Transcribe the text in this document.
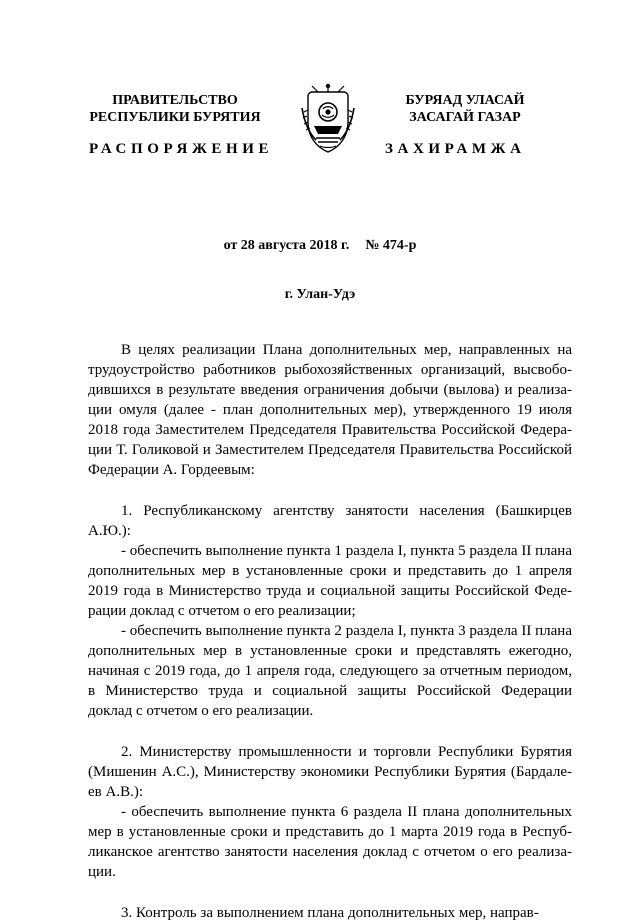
ПРАВИТЕЛЬСТВО
РЕСПУБЛИКИ БУРЯТИЯ
РАСПОРЯЖЕНИЕ
БУРЯАД УЛАСАЙ
ЗАСАГАЙ ГАЗАР
ЗАХИРАМЖА
от 28 августа 2018 г. № 474-р
г. Улан-Удэ

В целях реализации Плана дополнительных мер, направленных на трудоустройство работников рыбохозяйственных организаций, высвободившихся в результате введения ограничения добычи (вылова) и реализации омуля (далее - план дополнительных мер), утвержденного 19 июля 2018 года Заместителем Председателя Правительства Российской Федерации Т. Голиковой и Заместителем Председателя Правительства Российской Федерации А. Гордеевым:

1. Республиканскому агентству занятости населения (Башкирцев А.Ю.):

- обеспечить выполнение пункта 1 раздела I, пункта 5 раздела II плана дополнительных мер в установленные сроки и представить до 1 апреля 2019 года в Министерство труда и социальной защиты Российской Федерации доклад с отчетом о его реализации;

- обеспечить выполнение пункта 2 раздела I, пункта 3 раздела II плана дополнительных мер в установленные сроки и представлять ежегодно, начиная с 2019 года, до 1 апреля года, следующего за отчетным периодом, в Министерство труда и социальной защиты Российской Федерации доклад с отчетом о его реализации.

2. Министерству промышленности и торговли Республики Бурятия (Мишенин А.С.), Министерству экономики Республики Бурятия (Бардалеев А.В.):

- обеспечить выполнение пункта 6 раздела II плана дополнительных мер в установленные сроки и представить до 1 марта 2019 года в Республиканское агентство занятости населения доклад с отчетом о его реализации.

3. Контроль за выполнением плана дополнительных мер, направ-
